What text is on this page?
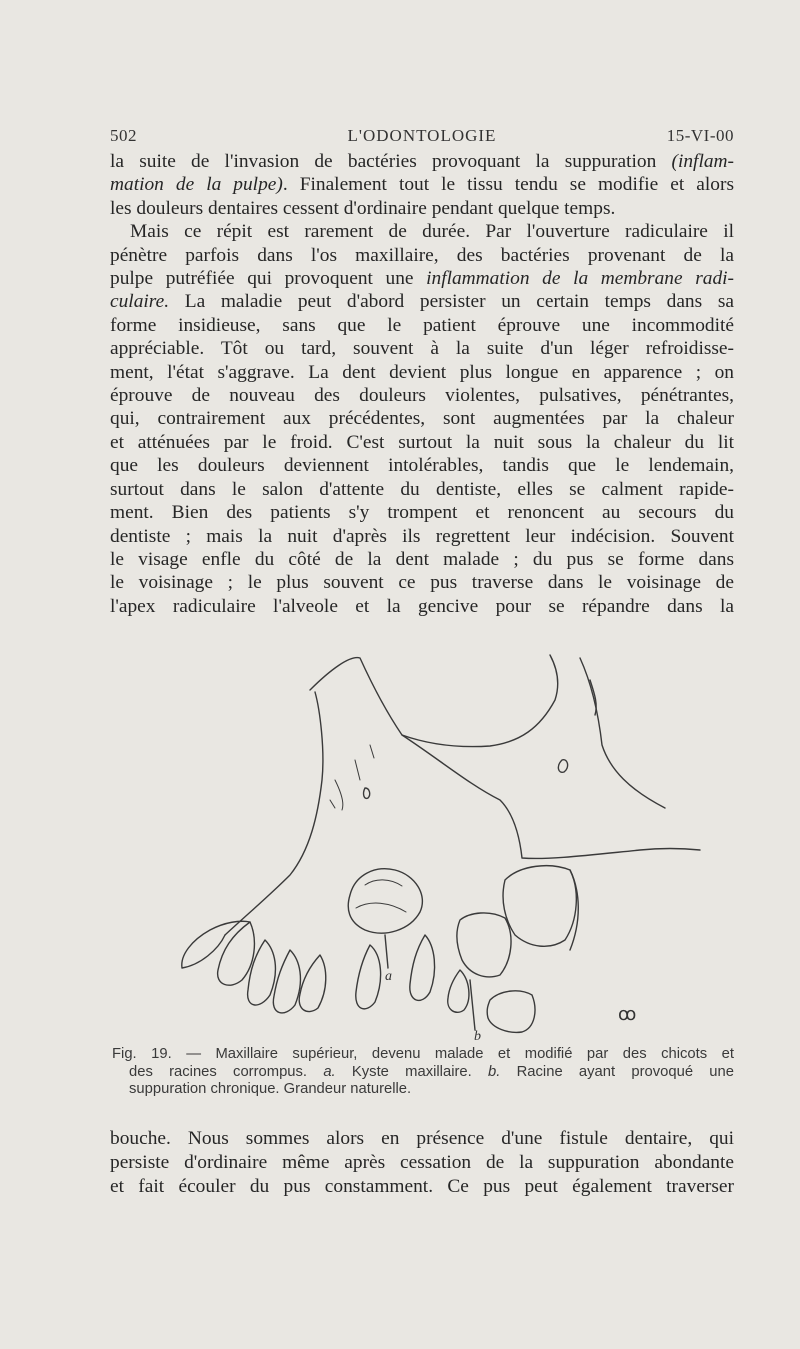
502	L'ODONTOLOGIE	15-VI-00
la suite de l'invasion de bactéries provoquant la suppuration (inflam-
mation de la pulpe). Finalement tout le tissu tendu se modifie et alors
les douleurs dentaires cessent d'ordinaire pendant quelque temps.
Mais ce répit est rarement de durée. Par l'ouverture radiculaire il
pénètre parfois dans l'os maxillaire, des bactéries provenant de la
pulpe putréfiée qui provoquent une inflammation de la membrane radi-
culaire. La maladie peut d'abord persister un certain temps dans sa
forme insidieuse, sans que le patient éprouve une incommodité
appréciable. Tôt ou tard, souvent à la suite d'un léger refroidisse-
ment, l'état s'aggrave. La dent devient plus longue en apparence ; on
éprouve de nouveau des douleurs violentes, pulsatives, pénétrantes,
qui, contrairement aux précédentes, sont augmentées par la chaleur
et atténuées par le froid. C'est surtout la nuit sous la chaleur du lit
que les douleurs deviennent intolérables, tandis que le lendemain,
surtout dans le salon d'attente du dentiste, elles se calment rapide-
ment. Bien des patients s'y trompent et renoncent au secours du
dentiste ; mais la nuit d'après ils regrettent leur indécision. Souvent
le visage enfle du côté de la dent malade ; du pus se forme dans
le voisinage ; le plus souvent ce pus traverse dans le voisinage de
l'apex radiculaire l'alveole et la gencive pour se répandre dans la
a
b
ꝏ
Fig. 19. — Maxillaire supérieur, devenu malade et modifié par des chicots et
des racines corrompus. a. Kyste maxillaire. b. Racine ayant provoqué une
suppuration chronique. Grandeur naturelle.
bouche. Nous sommes alors en présence d'une fistule dentaire, qui
persiste d'ordinaire même après cessation de la suppuration abondante
et fait écouler du pus constamment. Ce pus peut également traverser
